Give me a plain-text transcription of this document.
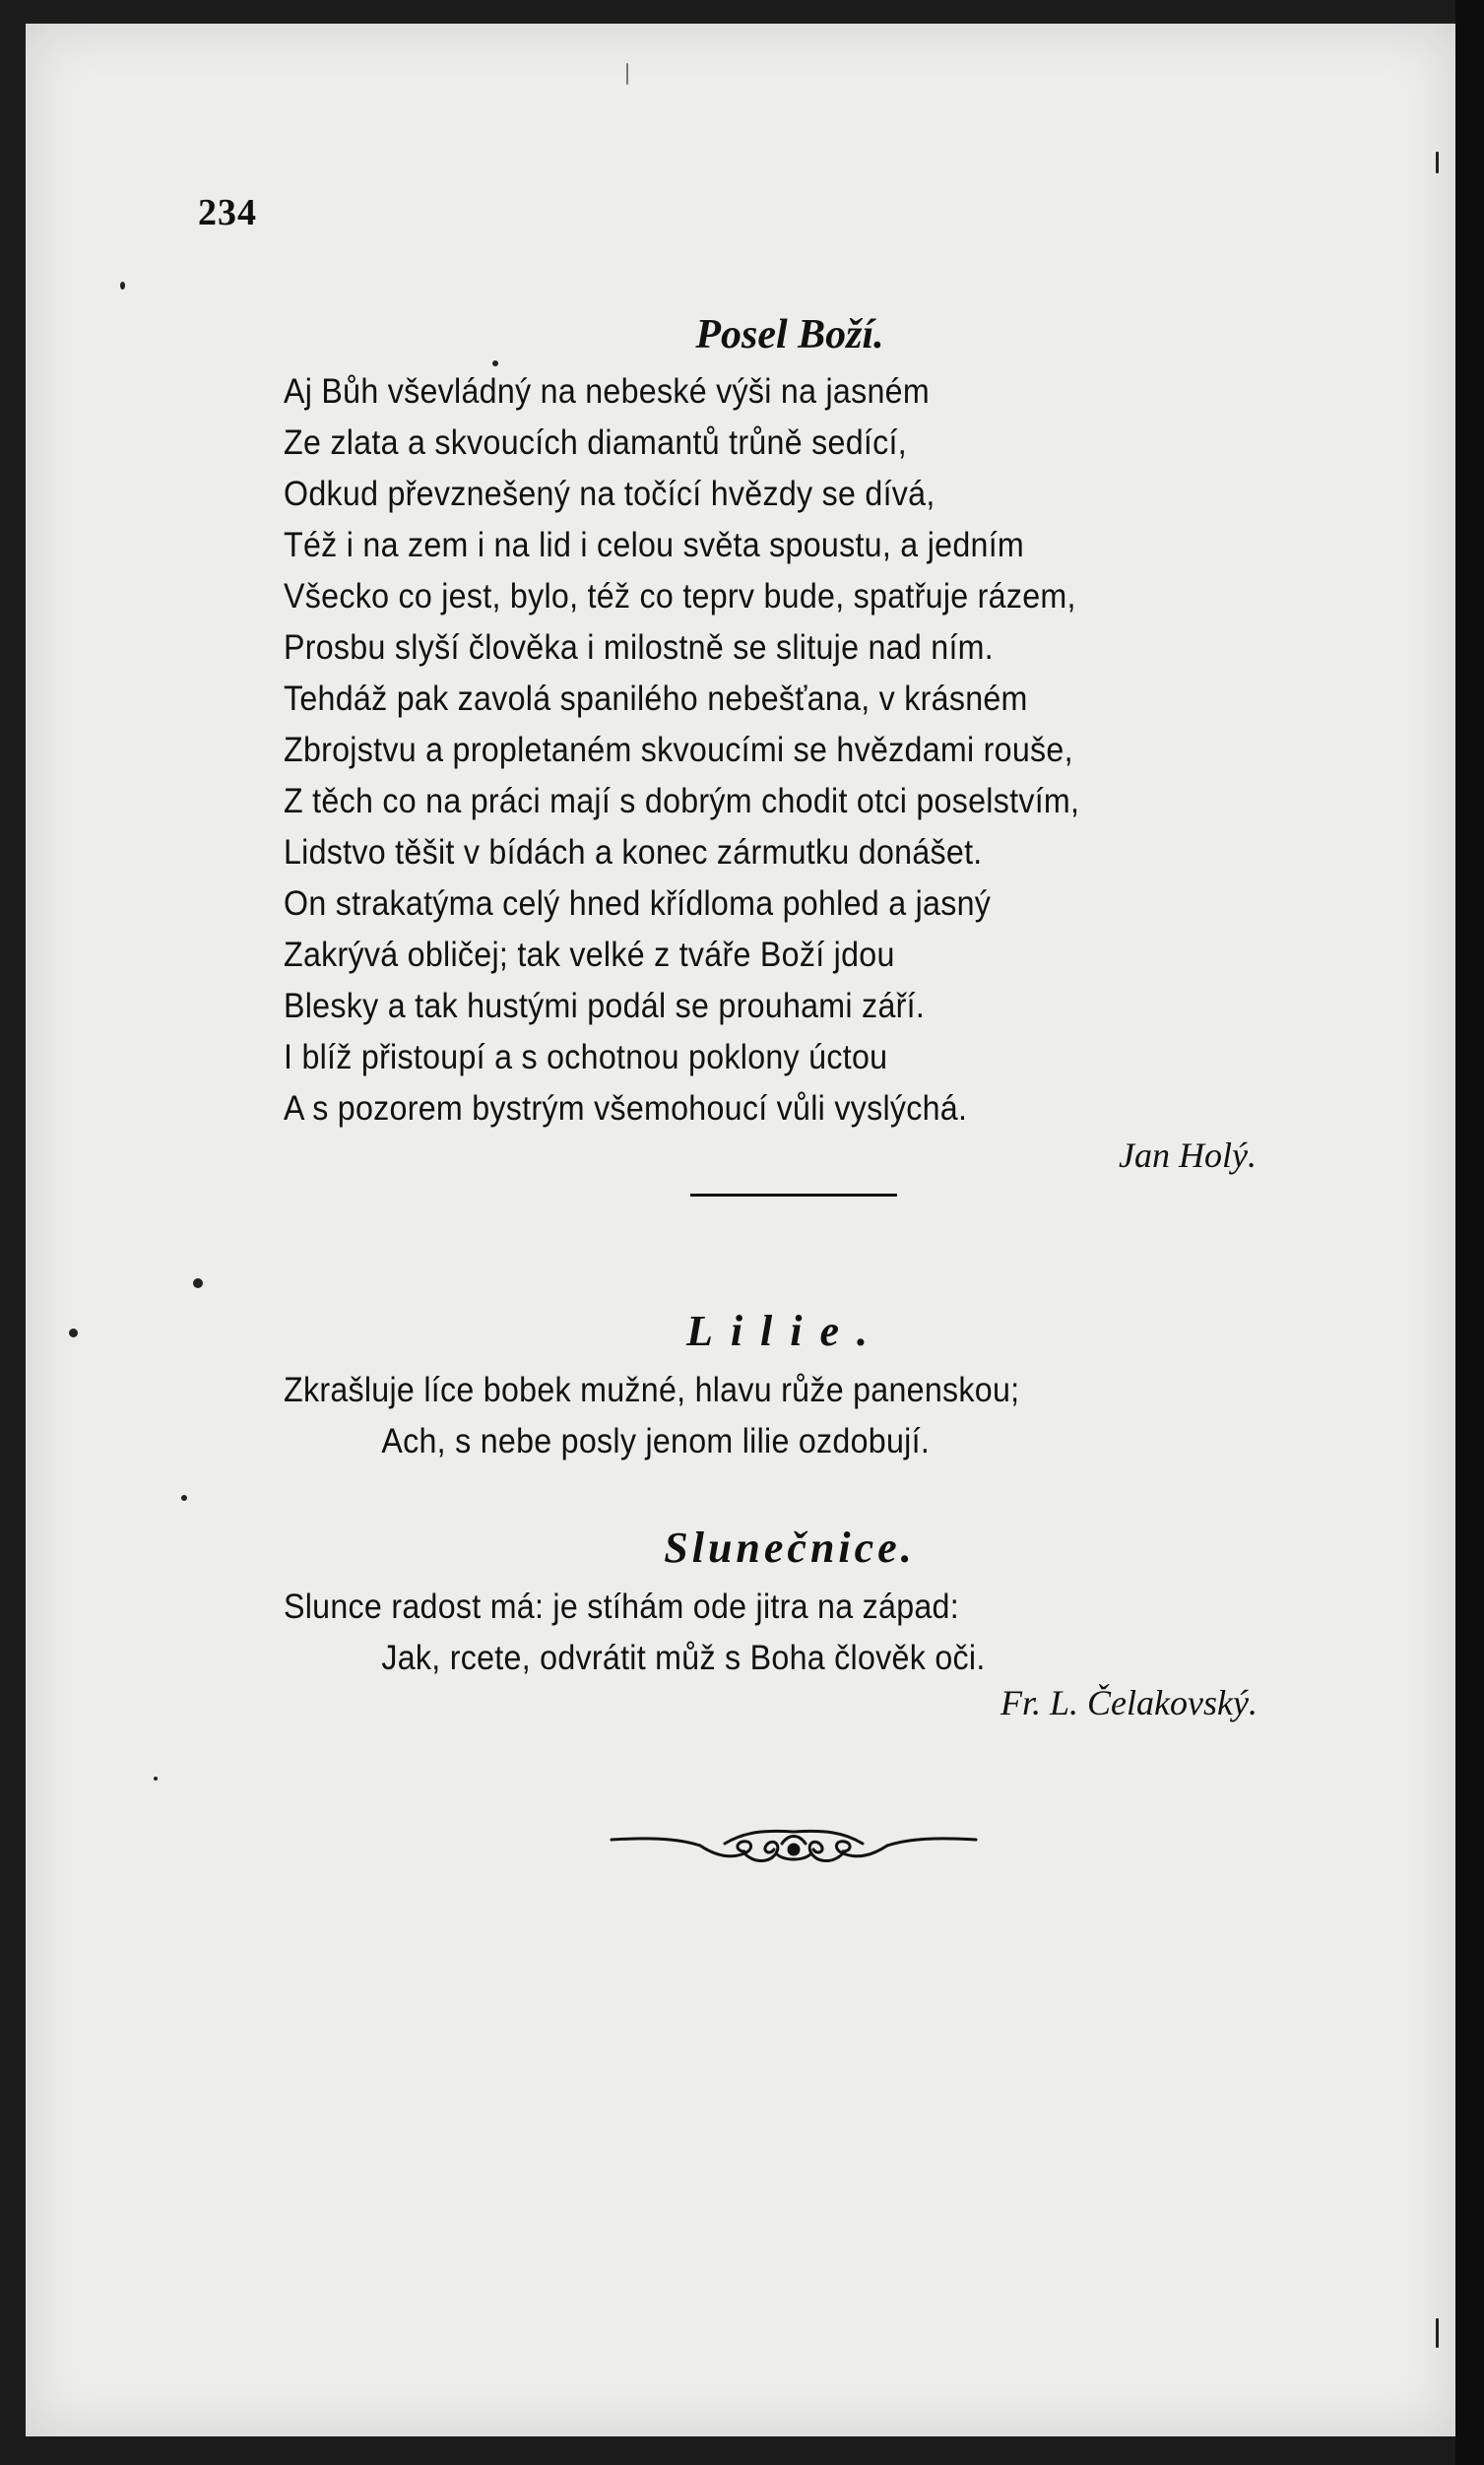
234
Posel Boží.
Aj Bůh vševládný na nebeské výši na jasném
Ze zlata a skvoucích diamantů trůně sedící,
Odkud převznešený na točící hvězdy se dívá,
Též i na zem i na lid i celou světa spoustu, a jedním
Všecko co jest, bylo, též co teprv bude, spatřuje rázem,
Prosbu slyší člověka i milostně se slituje nad ním.
Tehdáž pak zavolá spanilého nebešťana, v krásném
Zbrojstvu a propletaném skvoucími se hvězdami rouše,
Z těch co na práci mají s dobrým chodit otci poselstvím,
Lidstvo těšit v bídách a konec zármutku donášet.
On strakatýma celý hned křídloma pohled a jasný
Zakrývá obličej; tak velké z tváře Boží jdou
Blesky a tak hustými podál se prouhami září.
I blíž přistoupí a s ochotnou poklony úctou
A s pozorem bystrým všemohoucí vůli vyslýchá.
Jan Holý.
Lilie.
Zkrašluje líce bobek mužné, hlavu růže panenskou;
Ach, s nebe posly jenom lilie ozdobují.
Slunečnice.
Slunce radost má: je stíhám ode jitra na západ:
Jak, rcete, odvrátit můž s Boha člověk oči.
Fr. L. Čelakovský.
